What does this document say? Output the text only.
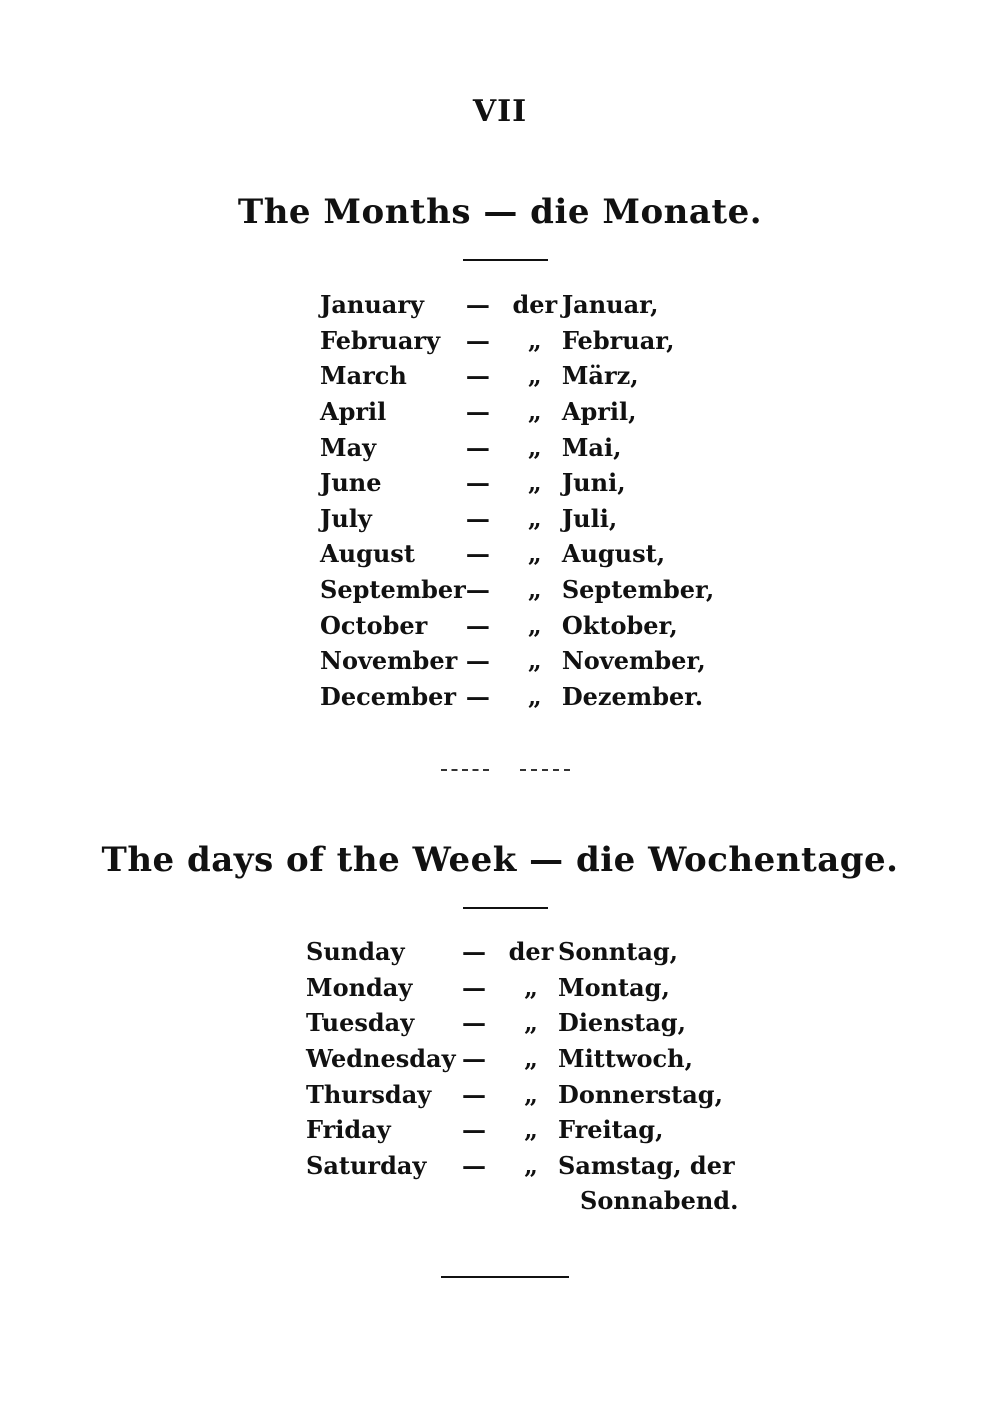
VII
The Months — die Monate.
January	—	der	Januar,
February	—	„	Februar,
March	—	„	März,
April	—	„	April,
May	—	„	Mai,
June	—	„	Juni,
July	—	„	Juli,
August	—	„	August,
September	—	„	September,
October	—	„	Oktober,
November	—	„	November,
December	—	„	Dezember.
The days of the Week — die Wochentage.
Sunday	—	der	Sonntag,
Monday	—	„	Montag,
Tuesday	—	„	Dienstag,
Wednesday	—	„	Mittwoch,
Thursday	—	„	Donnerstag,
Friday	—	„	Freitag,
Saturday	—	„	Samstag, der

			Sonnabend.
